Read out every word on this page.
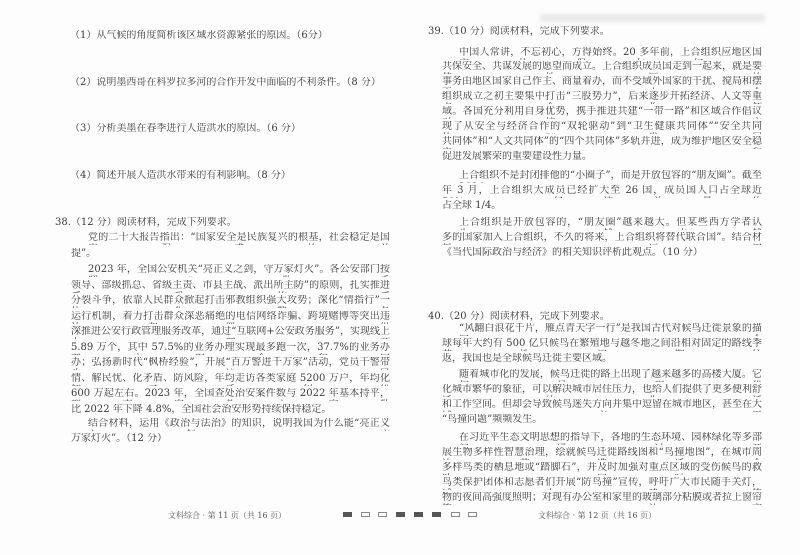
（1）从气候的角度简析该区域水资源紧张的原因。（6分）
（2）说明墨西哥在科罗拉多河的合作开发中面临的不利条件。（8 分）
（3）分析美墨在春季进行人造洪水的原因。（6 分）
（4）简述开展人造洪水带来的有利影响。（8 分）
38.（12 分）阅读材料，完成下列要求。
党的二十大报告指出：“国家安全是民族复兴的根基，社会稳定是国
提”。
2023 年，全国公安机关“亮正义之剑，守万家灯火”。各公安部门按
领导、部级抓总、省级主责、市县主战、派出所主防”的原则，扎实推进
分裂斗争，依靠人民群众掀起打击邪教组织强大攻势；深化“情指行”一
运行机制，着力打击群众深恶痛绝的电信网络诈骗、跨境赌博等突出违
深推进公安行政管理服务改革，通过“互联网+公安政务服务”，实现线上
5.89 万个，其中 57.5%的业务办理实现最多跑一次，37.7%的业务办
办；弘扬新时代“枫桥经验”，开展“百万警进千万家”活动，党员干警带
情、解民忧、化矛盾、防风险，年均走访各类家庭 5200 万户，年均化
600 万起左右。2023 年，全国查处治安案件数与 2022 年基本持平，
比 2022 年下降 4.8%，全国社会治安形势持续保持稳定。
结合材料，运用《政治与法治》的知识，说明我国为什么能“亮正义
万家灯火”。（12 分）
39.（10 分）阅读材料，完成下列要求。
中国人常讲，不忘初心，方得始终。20 多年前，上合组织应地区国
共保安全、共谋发展的愿望而成立。上合组织成员国走到一起来，就是要
事务由地区国家自己作主、商量着办，而不受域外国家的干扰、搅局和摆
组织成立之初主要集中打击“三股势力”，后来逐步开拓经济、人文等重
域。各国充分利用自身优势，携手推进共建“一带一路”和区域合作倡议
现了从安全与经济合作的“双轮驱动”到“卫生健康共同体”“安全共同
共同体”和“人文共同体”的“四个共同体”多轨并进，成为维护地区安全稳
促进发展繁荣的重要建设性力量。
上合组织不是封闭排他的“小圈子”，而是开放包容的“朋友圈”。截至
年 3 月，上合组织大成员已经扩大至 26 国，成员国人口占全球近
占全球 1/4。
上合组织是开放包容的，“朋友圈”越来越大。但某些西方学者认
多的国家加入上合组织，不久的将来，上合组织将替代联合国”。结合材
《当代国际政治与经济》的相关知识评析此观点。（10 分）
40.（20 分）阅读材料，完成下列要求。
“风翻白浪花千片，雁点青天字一行”是我国古代对候鸟迁徙景象的描
球每年大约有 500 亿只候鸟在繁殖地与越冬地之间沿相对固定的路线季
返，我国也是全球候鸟迁徙主要区域。
随着城市化的发展，候鸟迁徙的路上出现了越来越多的高楼大厦。它
化城市繁华的象征，可以解决城市居住压力，也给人们提供了更多便利舒
和工作空间。但却会导致候鸟迷失方向并集中逗留在城市地区，甚至在大
“鸟撞问题”频频发生。
在习近平生态文明思想的指导下，各地的生态环境、园林绿化等多部
展生物多样性智慧治理，绘就候鸟迁徙路线图和“鸟撞地图”，在城市周
多样鸟类的栖息地或“踏脚石”，并及时加强对重点区域的受伤候鸟的救
鸟类保护团体和志愿者们开展“防鸟撞”宣传，呼吁广大市民随手关灯，
物的夜间高强度照明；对现有办公室和家里的玻璃部分粘膜或者拉上窗帘
文科综合 · 第 11 页（共 16 页）	文科综合 · 第 12 页（共 16 页）
